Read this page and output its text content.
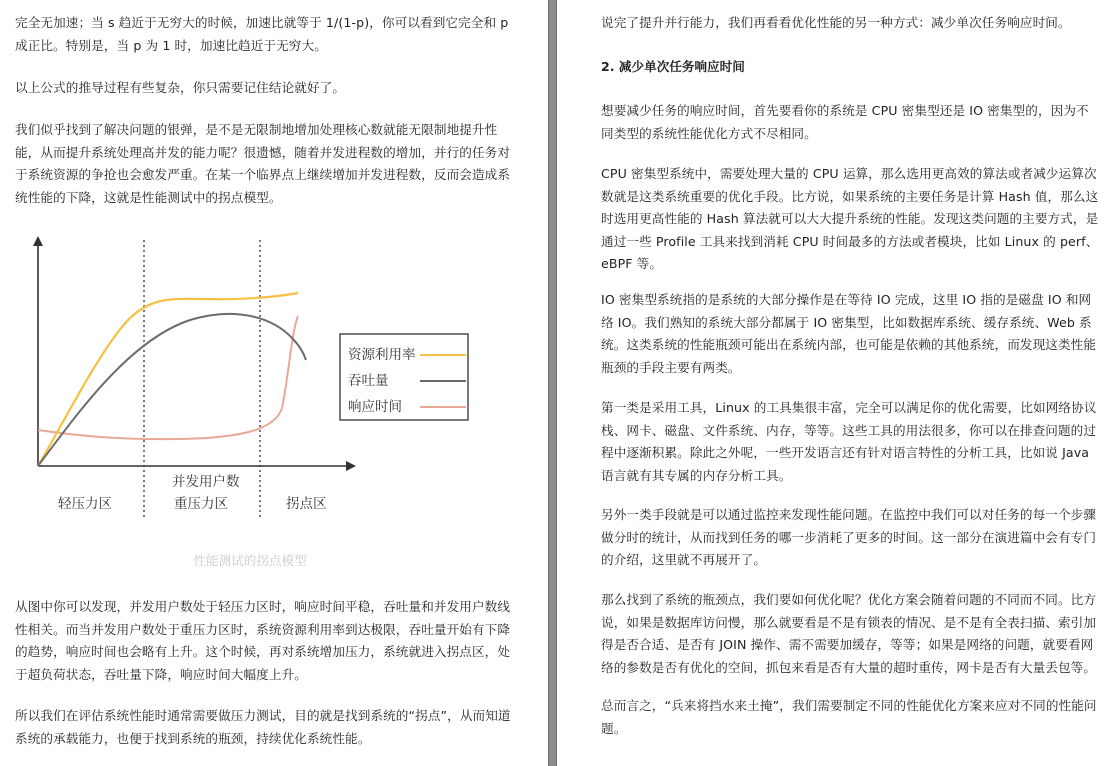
完全无加速；当 s 趋近于无穷大的时候，加速比就等于 1/(1-p)，你可以看到它完全和 p 成正比。特别是，当 p 为 1 时，加速比趋近于无穷大。

以上公式的推导过程有些复杂，你只需要记住结论就好了。

我们似乎找到了解决问题的银弹，是不是无限制地增加处理核心数就能无限制地提升性能，从而提升系统处理高并发的能力呢？很遗憾，随着并发进程数的增加，并行的任务对于系统资源的争抢也会愈发严重。在某一个临界点上继续增加并发进程数，反而会造成系统性能的下降，这就是性能测试中的拐点模型。

资源利用率
吞吐量
响应时间
并发用户数
轻压力区	重压力区	拐点区
性能测试的拐点模型

从图中你可以发现，并发用户数处于轻压力区时，响应时间平稳，吞吐量和并发用户数线性相关。而当并发用户数处于重压力区时，系统资源利用率到达极限，吞吐量开始有下降的趋势，响应时间也会略有上升。这个时候，再对系统增加压力，系统就进入拐点区，处于超负荷状态，吞吐量下降，响应时间大幅度上升。

所以我们在评估系统性能时通常需要做压力测试，目的就是找到系统的“拐点”，从而知道系统的承载能力，也便于找到系统的瓶颈，持续优化系统性能。

说完了提升并行能力，我们再看看优化性能的另一种方式：减少单次任务响应时间。

2. 减少单次任务响应时间

想要减少任务的响应时间，首先要看你的系统是 CPU 密集型还是 IO 密集型的，因为不同类型的系统性能优化方式不尽相同。

CPU 密集型系统中，需要处理大量的 CPU 运算，那么选用更高效的算法或者减少运算次数就是这类系统重要的优化手段。比方说，如果系统的主要任务是计算 Hash 值，那么这时选用更高性能的 Hash 算法就可以大大提升系统的性能。发现这类问题的主要方式，是通过一些 Profile 工具来找到消耗 CPU 时间最多的方法或者模块，比如 Linux 的 perf、eBPF 等。

IO 密集型系统指的是系统的大部分操作是在等待 IO 完成，这里 IO 指的是磁盘 IO 和网络 IO。我们熟知的系统大部分都属于 IO 密集型，比如数据库系统、缓存系统、Web 系统。这类系统的性能瓶颈可能出在系统内部，也可能是依赖的其他系统，而发现这类性能瓶颈的手段主要有两类。

第一类是采用工具，Linux 的工具集很丰富，完全可以满足你的优化需要，比如网络协议栈、网卡、磁盘、文件系统、内存，等等。这些工具的用法很多，你可以在排查问题的过程中逐渐积累。除此之外呢，一些开发语言还有针对语言特性的分析工具，比如说 Java 语言就有其专属的内存分析工具。

另外一类手段就是可以通过监控来发现性能问题。在监控中我们可以对任务的每一个步骤做分时的统计，从而找到任务的哪一步消耗了更多的时间。这一部分在演进篇中会有专门的介绍，这里就不再展开了。

那么找到了系统的瓶颈点，我们要如何优化呢？优化方案会随着问题的不同而不同。比方说，如果是数据库访问慢，那么就要看是不是有锁表的情况、是不是有全表扫描、索引加得是否合适、是否有 JOIN 操作、需不需要加缓存，等等；如果是网络的问题，就要看网络的参数是否有优化的空间，抓包来看是否有大量的超时重传，网卡是否有大量丢包等。

总而言之，“兵来将挡水来土掩”，我们需要制定不同的性能优化方案来应对不同的性能问题。
